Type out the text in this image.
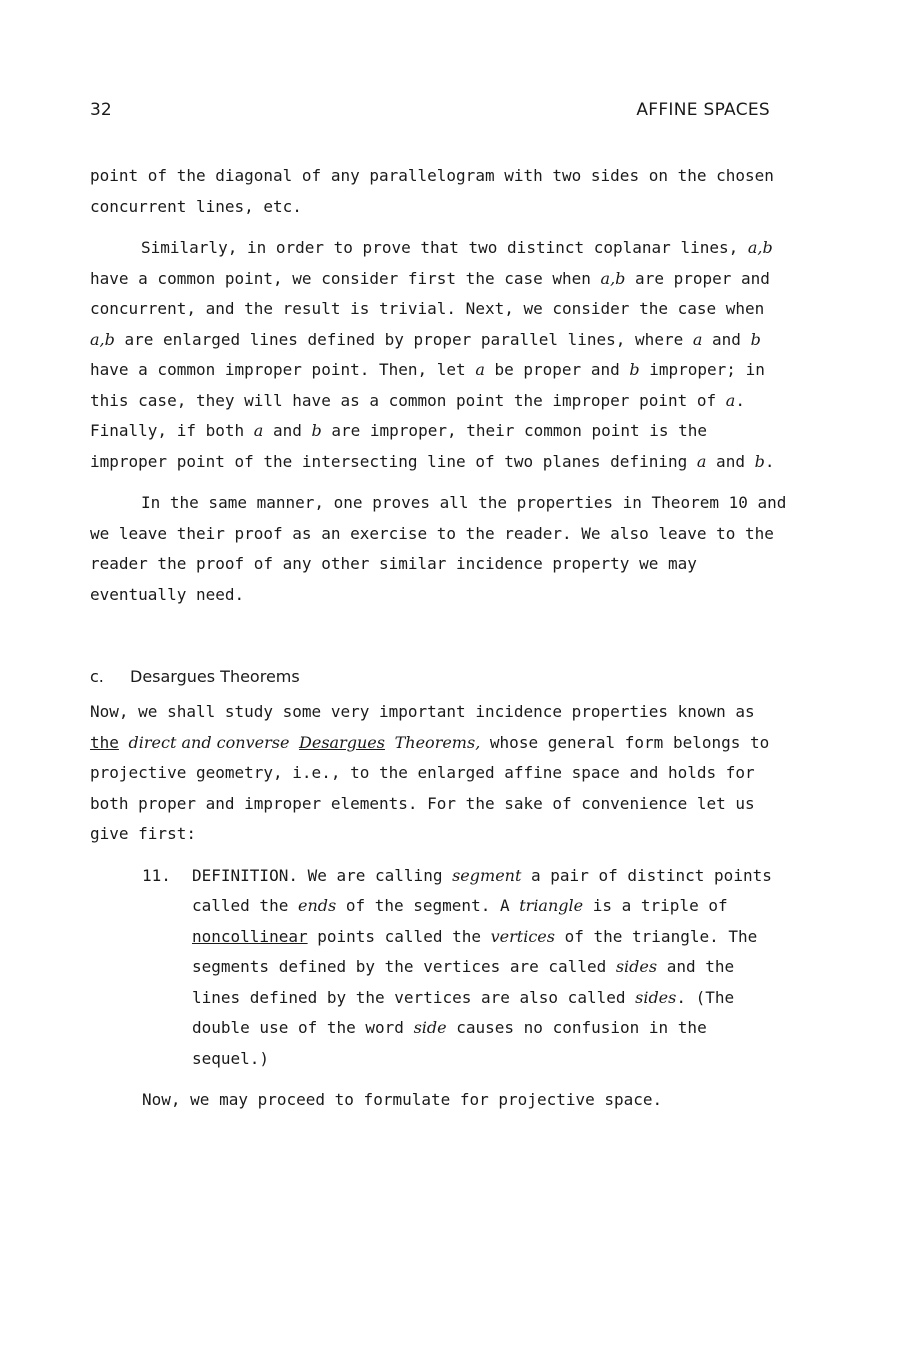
32	AFFINE SPACES

point of the diagonal of any parallelogram with two sides on the chosen concurrent lines, etc.

Similarly, in order to prove that two distinct coplanar lines, a,b have a common point, we consider first the case when a,b are proper and concurrent, and the result is trivial. Next, we consider the case when a,b are enlarged lines defined by proper parallel lines, where a and b have a common improper point. Then, let a be proper and b improper; in this case, they will have as a common point the improper point of a. Finally, if both a and b are improper, their common point is the improper point of the intersecting line of two planes defining a and b.

In the same manner, one proves all the properties in Theorem 10 and we leave their proof as an exercise to the reader. We also leave to the reader the proof of any other similar incidence property we may eventually need.

c. Desargues Theorems

Now, we shall study some very important incidence properties known as the direct and converse Desargues Theorems, whose general form belongs to projective geometry, i.e., to the enlarged affine space and holds for both proper and improper elements. For the sake of convenience let us give first:

11. DEFINITION. We are calling segment a pair of distinct points called the ends of the segment. A triangle is a triple of noncollinear points called the vertices of the triangle. The segments defined by the vertices are called sides and the lines defined by the vertices are also called sides. (The double use of the word side causes no confusion in the sequel.)

Now, we may proceed to formulate for projective space.
